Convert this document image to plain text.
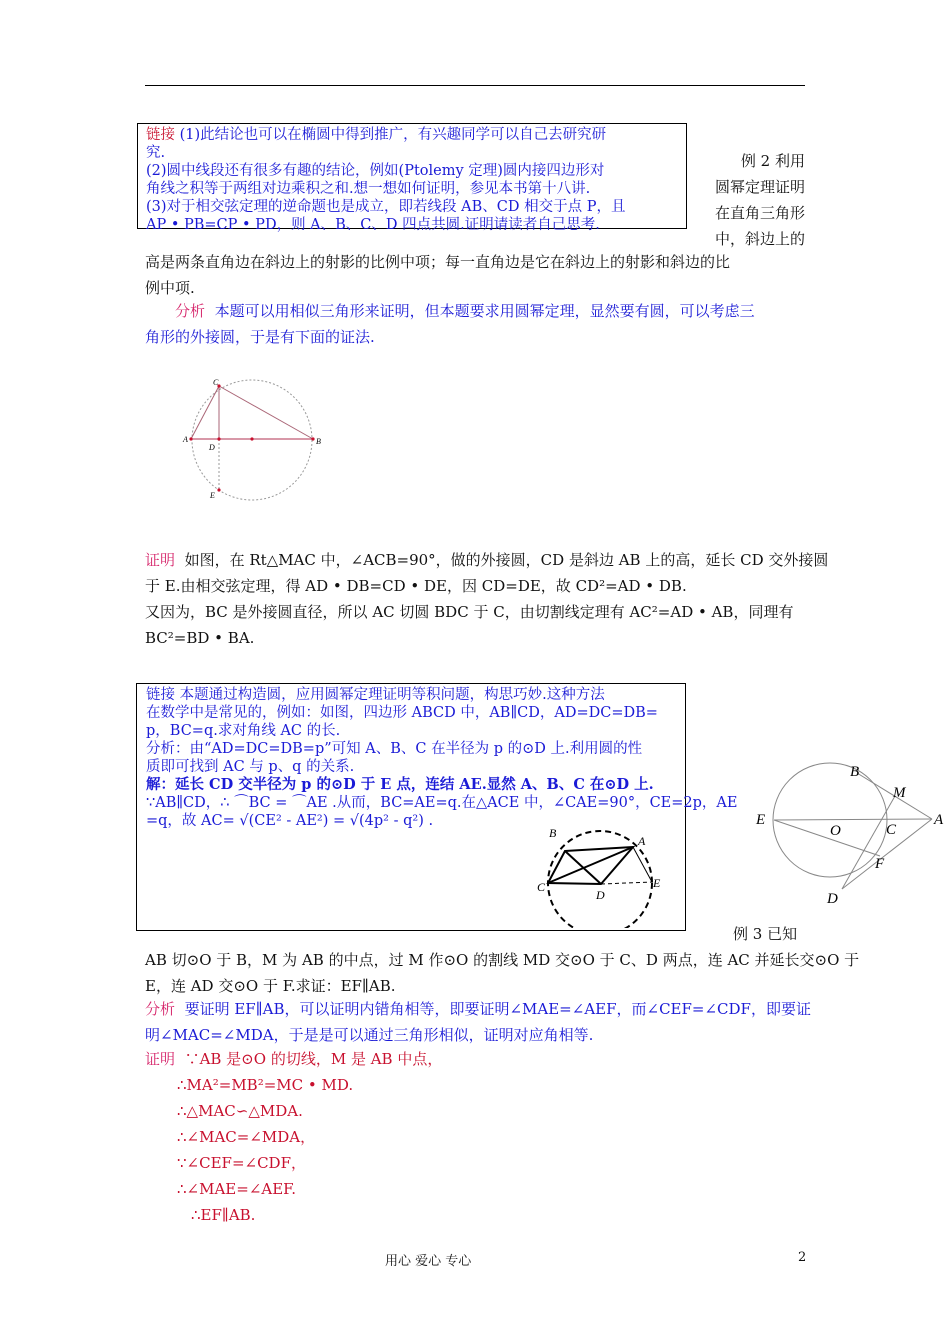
链接 (1)此结论也可以在椭圆中得到推广，有兴趣同学可以自己去研究研
究.
(2)圆中线段还有很多有趣的结论，例如(Ptolemy 定理)圆内接四边形对
角线之积等于两组对边乘积之和.想一想如何证明，参见本书第十八讲.
(3)对于相交弦定理的逆命题也是成立，即若线段 AB、CD 相交于点 P，且
AP • PB=CP • PD，则 A、B、C、D 四点共圆.证明请读者自己思考.
例 2 利用
圆幂定理证明
在直角三角形
中，斜边上的
高是两条直角边在斜边上的射影的比例中项；每一直角边是它在斜边上的射影和斜边的比
例中项.
分析 本题可以用相似三角形来证明，但本题要求用圆幂定理，显然要有圆，可以考虑三
角形的外接圆，于是有下面的证法.
C
A	B
D
E
证明 如图，在 Rt△MAC 中，∠ACB=90°，做的外接圆，CD 是斜边 AB 上的高，延长 CD 交外接圆
于 E.由相交弦定理，得 AD • DB=CD • DE，因 CD=DE，故 CD²=AD • DB.
又因为，BC 是外接圆直径，所以 AC 切圆 BDC 于 C，由切割线定理有 AC²=AD • AB，同理有
BC²=BD • BA.
链接 本题通过构造圆，应用圆幂定理证明等积问题，构思巧妙.这种方法
在数学中是常见的，例如：如图，四边形 ABCD 中，AB∥CD，AD=DC=DB=
p，BC=q.求对角线 AC 的长.
分析：由“AD=DC=DB=p”可知 A、B、C 在半径为 p 的⊙D 上.利用圆的性
质即可找到 AC 与 p、q 的关系.
解：延长 CD 交半径为 p 的⊙D 于 E 点，连结 AE.显然 A、B、C 在⊙D 上.
∵AB∥CD，∴ ⌒BC = ⌒AE .从而，BC=AE=q.在△ACE 中，∠CAE=90°，CE=2p，AE
=q，故 AC= √(CE² - AE²) = √(4p² - q²) .
B
A
C
D
E
B
M
E
O	C
A
F
D
例 3 已知
AB 切⊙O 于 B，M 为 AB 的中点，过 M 作⊙O 的割线 MD 交⊙O 于 C、D 两点，连 AC 并延长交⊙O 于
E，连 AD 交⊙O 于 F.求证：EF∥AB.
分析 要证明 EF∥AB，可以证明内错角相等，即要证明∠MAE=∠AEF，而∠CEF=∠CDF，即要证
明∠MAC=∠MDA，于是是可以通过三角形相似，证明对应角相等.
证明 ∵AB 是⊙O 的切线，M 是 AB 中点，
∴MA²=MB²=MC • MD.
∴△MAC∽△MDA.
∴∠MAC=∠MDA，
∵∠CEF=∠CDF，
∴∠MAE=∠AEF.
∴EF∥AB.
用心 爱心 专心	2
